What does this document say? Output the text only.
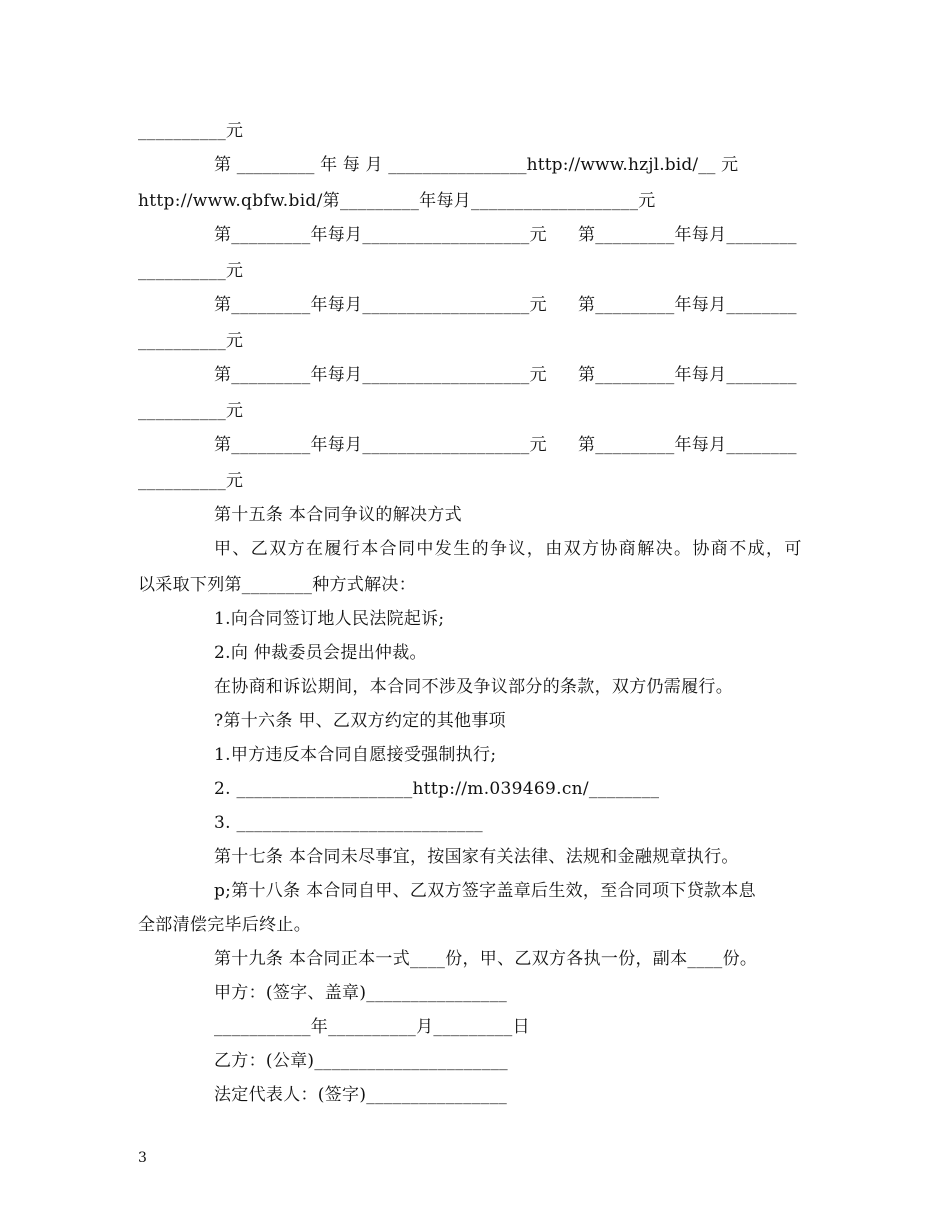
__________元

第 _________ 年 每 月 ________________http://www.hzjl.bid/__ 元

http://www.qbfw.bid/第_________年每月___________________元

第_________年每月___________________元

第_________年每月________

__________元

第_________年每月___________________元

第_________年每月________

__________元

第_________年每月___________________元

第_________年每月________

__________元

第_________年每月___________________元

第_________年每月________

__________元

第十五条 本合同争议的解决方式

甲、乙双方在履行本合同中发生的争议，由双方协商解决。协商不成，可

以采取下列第________种方式解决：

1.向合同签订地人民法院起诉;

2.向 仲裁委员会提出仲裁。

在协商和诉讼期间，本合同不涉及争议部分的条款，双方仍需履行。

?第十六条 甲、乙双方约定的其他事项

1.甲方违反本合同自愿接受强制执行;

2. ____________________http://m.039469.cn/________

3. ____________________________

第十七条 本合同未尽事宜，按国家有关法律、法规和金融规章执行。

p;第十八条 本合同自甲、乙双方签字盖章后生效，至合同项下贷款本息

全部清偿完毕后终止。

第十九条 本合同正本一式____份，甲、乙双方各执一份，副本____份。

甲方：(签字、盖章)________________

___________年__________月_________日

乙方：(公章)______________________

法定代表人：(签字)________________

3
